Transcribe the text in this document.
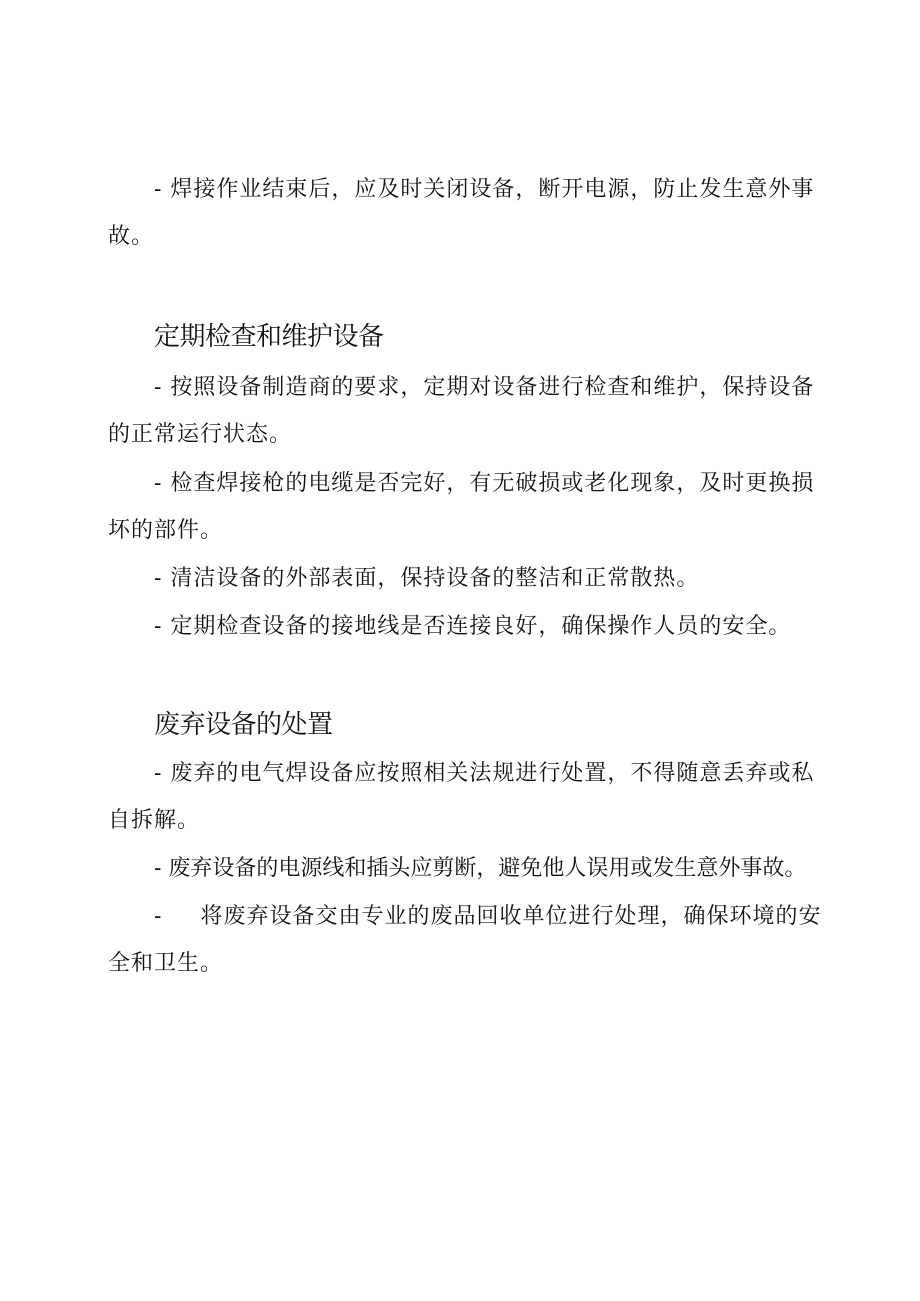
- 焊接作业结束后，应及时关闭设备，断开电源，防止发生意外事故。

定期检查和维护设备

- 按照设备制造商的要求，定期对设备进行检查和维护，保持设备的正常运行状态。

- 检查焊接枪的电缆是否完好，有无破损或老化现象，及时更换损坏的部件。

- 清洁设备的外部表面，保持设备的整洁和正常散热。

- 定期检查设备的接地线是否连接良好，确保操作人员的安全。

废弃设备的处置

- 废弃的电气焊设备应按照相关法规进行处置，不得随意丢弃或私自拆解。

- 废弃设备的电源线和插头应剪断，避免他人误用或发生意外事故。

- 将废弃设备交由专业的废品回收单位进行处理，确保环境的安全和卫生。
